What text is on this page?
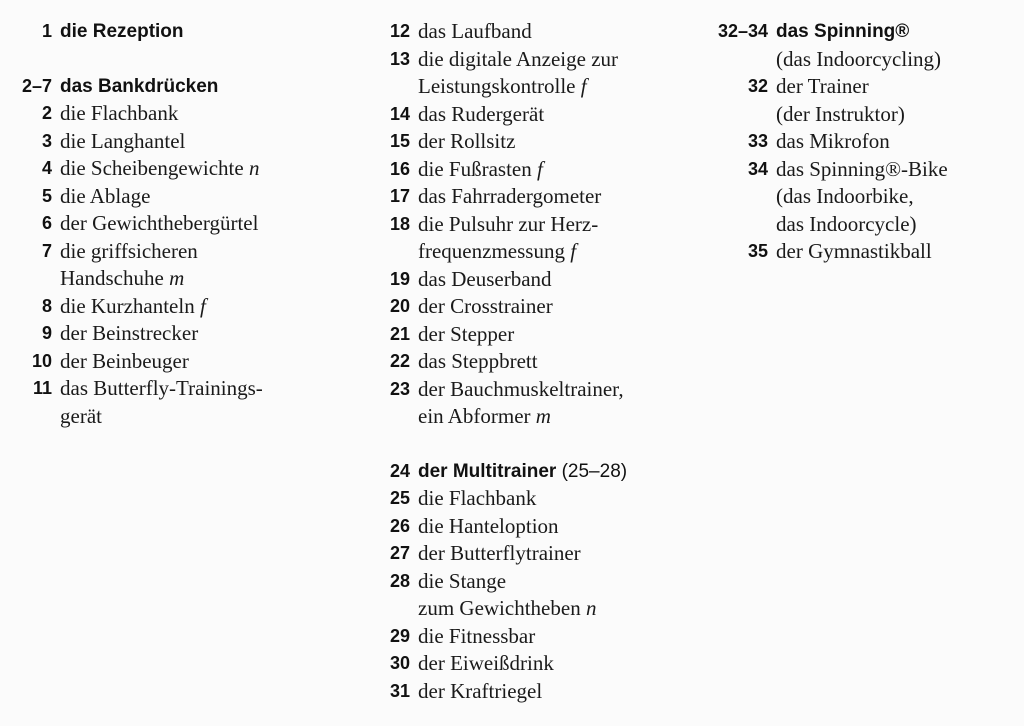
1 die Rezeption
2–7 das Bankdrücken
2 die Flachbank
3 die Langhantel
4 die Scheibengewichte n
5 die Ablage
6 der Gewichthebergürtel
7 die griffsicheren
Handschuhe m
8 die Kurzhanteln f
9 der Beinstrecker
10 der Beinbeuger
11 das Butterfly-Trainings-
gerät
12 das Laufband
13 die digitale Anzeige zur
Leistungskontrolle f
14 das Rudergerät
15 der Rollsitz
16 die Fußrasten f
17 das Fahrradergometer
18 die Pulsuhr zur Herz-
frequenzmessung f
19 das Deuserband
20 der Crosstrainer
21 der Stepper
22 das Steppbrett
23 der Bauchmuskeltrainer,
ein Abformer m
24 der Multitrainer (25–28)
25 die Flachbank
26 die Hanteloption
27 der Butterflytrainer
28 die Stange
zum Gewichtheben n
29 die Fitnessbar
30 der Eiweißdrink
31 der Kraftriegel
32–34 das Spinning®
(das Indoorcycling)
32 der Trainer
(der Instruktor)
33 das Mikrofon
34 das Spinning®-Bike
(das Indoorbike,
das Indoorcycle)
35 der Gymnastikball
